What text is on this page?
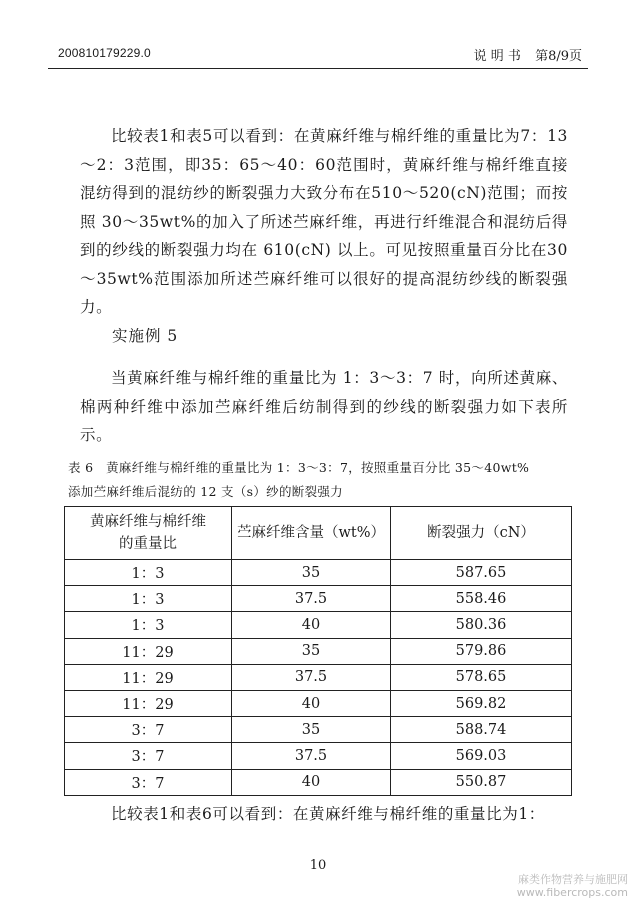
200810179229.0	说 明 书 第8/9页
比较表1和表5可以看到：在黄麻纤维与棉纤维的重量比为7：13～2：3范围，即35：65～40：60范围时，黄麻纤维与棉纤维直接混纺得到的混纺纱的断裂强力大致分布在510～520(cN)范围；而按照 30～35wt%的加入了所述苎麻纤维，再进行纤维混合和混纺后得到的纱线的断裂强力均在 610(cN) 以上。可见按照重量百分比在30～35wt%范围添加所述苎麻纤维可以很好的提高混纺纱线的断裂强力。
实施例 5
当黄麻纤维与棉纤维的重量比为 1：3～3：7 时，向所述黄麻、棉两种纤维中添加苎麻纤维后纺制得到的纱线的断裂强力如下表所示。
表 6　黄麻纤维与棉纤维的重量比为 1：3～3：7，按照重量百分比 35～40wt%
添加苎麻纤维后混纺的 12 支（s）纱的断裂强力
黄麻纤维与棉纤维的重量比	苎麻纤维含量（wt%）	断裂强力（cN）
1：3	35	587.65
1：3	37.5	558.46
1：3	40	580.36
11：29	35	579.86
11：29	37.5	578.65
11：29	40	569.82
3：7	35	588.74
3：7	37.5	569.03
3：7	40	550.87
比较表1和表6可以看到：在黄麻纤维与棉纤维的重量比为1：
10
麻类作物营养与施肥网
www.fibercrops.com
